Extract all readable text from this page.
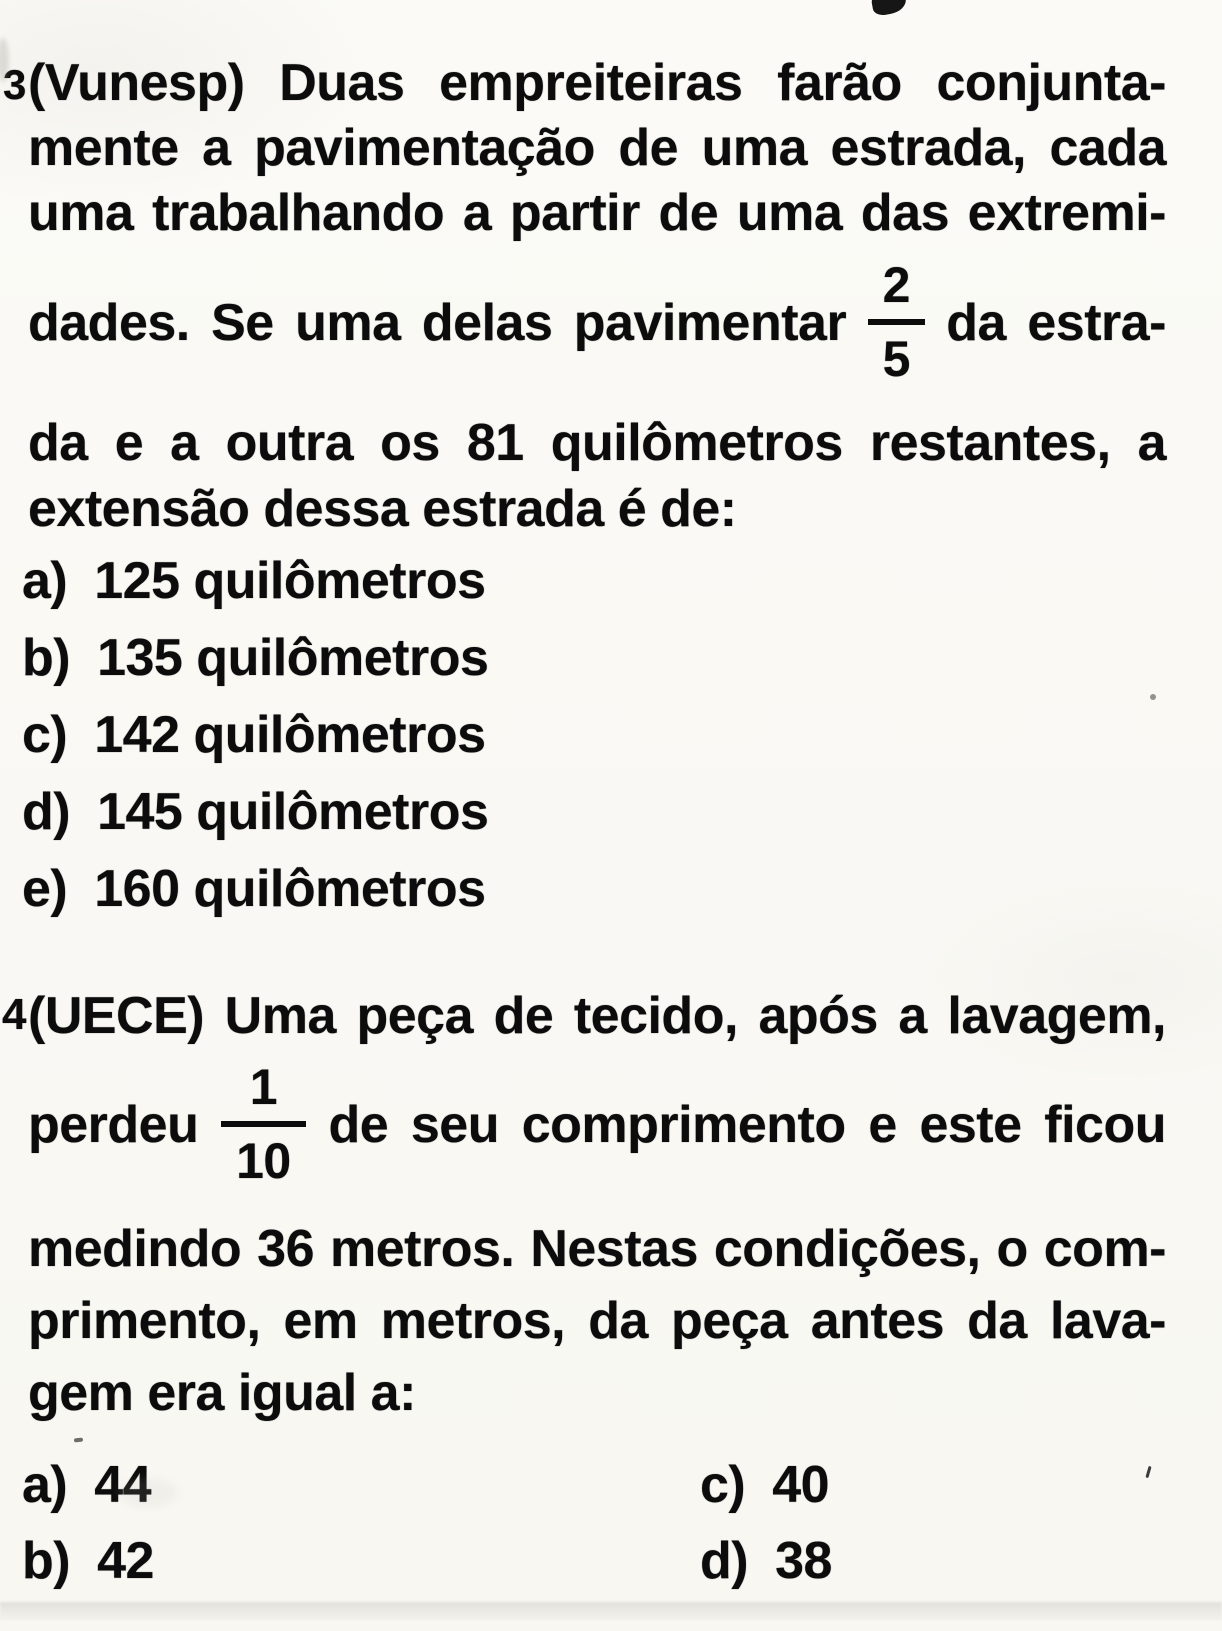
3 (Vunesp) Duas empreiteiras farão conjunta-
mente a pavimentação de uma estrada, cada
uma trabalhando a partir de uma das extremi-
dades. Se uma delas pavimentar $\frac{2}{5}$ da estra-
da e a outra os 81 quilômetros restantes, a
extensão dessa estrada é de:
a) 125 quilômetros
b) 135 quilômetros
c) 142 quilômetros
d) 145 quilômetros
e) 160 quilômetros
4 (UECE) Uma peça de tecido, após a lavagem,
perdeu $\frac{1}{10}$ de seu comprimento e este ficou
medindo 36 metros. Nestas condições, o com-
primento, em metros, da peça antes da lava-
gem era igual a:
a) 44	c) 40
b) 42	d) 38
